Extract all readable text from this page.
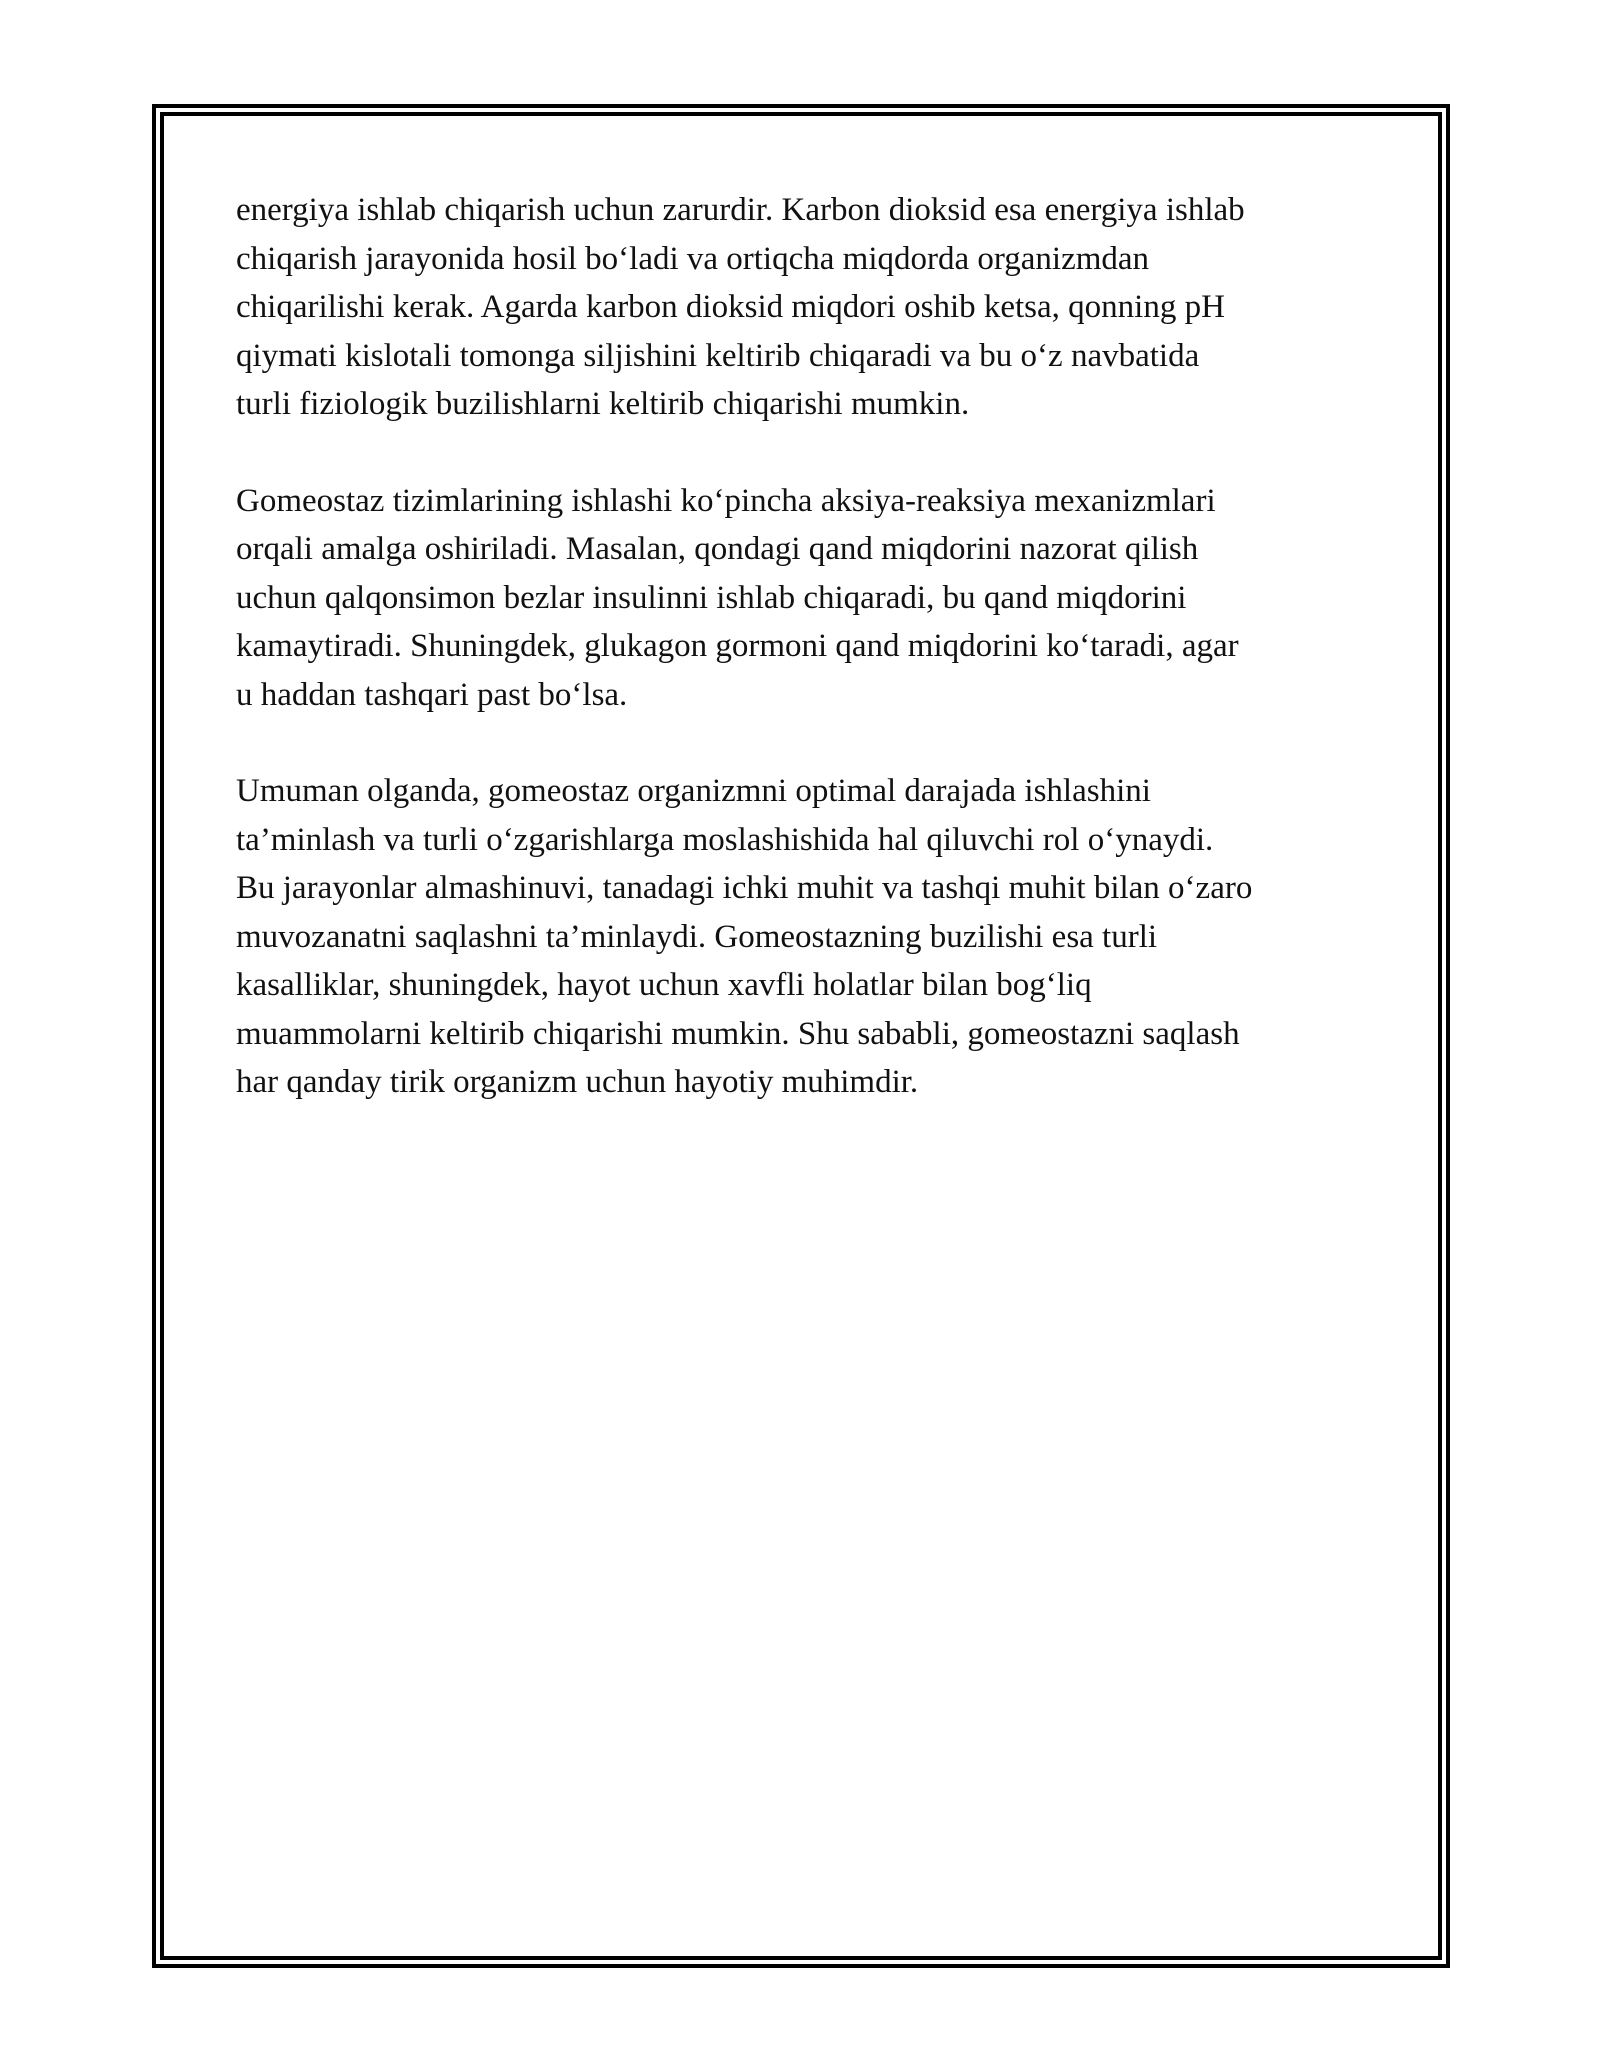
energiya ishlab chiqarish uchun zarurdir. Karbon dioksid esa energiya ishlab
chiqarish jarayonida hosil bo‘ladi va ortiqcha miqdorda organizmdan
chiqarilishi kerak. Agarda karbon dioksid miqdori oshib ketsa, qonning pH
qiymati kislotali tomonga siljishini keltirib chiqaradi va bu o‘z navbatida
turli fiziologik buzilishlarni keltirib chiqarishi mumkin.

Gomeostaz tizimlarining ishlashi ko‘pincha aksiya-reaksiya mexanizmlari
orqali amalga oshiriladi. Masalan, qondagi qand miqdorini nazorat qilish
uchun qalqonsimon bezlar insulinni ishlab chiqaradi, bu qand miqdorini
kamaytiradi. Shuningdek, glukagon gormoni qand miqdorini ko‘taradi, agar
u haddan tashqari past bo‘lsa.

Umuman olganda, gomeostaz organizmni optimal darajada ishlashini
ta’minlash va turli o‘zgarishlarga moslashishida hal qiluvchi rol o‘ynaydi.
Bu jarayonlar almashinuvi, tanadagi ichki muhit va tashqi muhit bilan o‘zaro
muvozanatni saqlashni ta’minlaydi. Gomeostazning buzilishi esa turli
kasalliklar, shuningdek, hayot uchun xavfli holatlar bilan bog‘liq
muammolarni keltirib chiqarishi mumkin. Shu sababli, gomeostazni saqlash
har qanday tirik organizm uchun hayotiy muhimdir.
